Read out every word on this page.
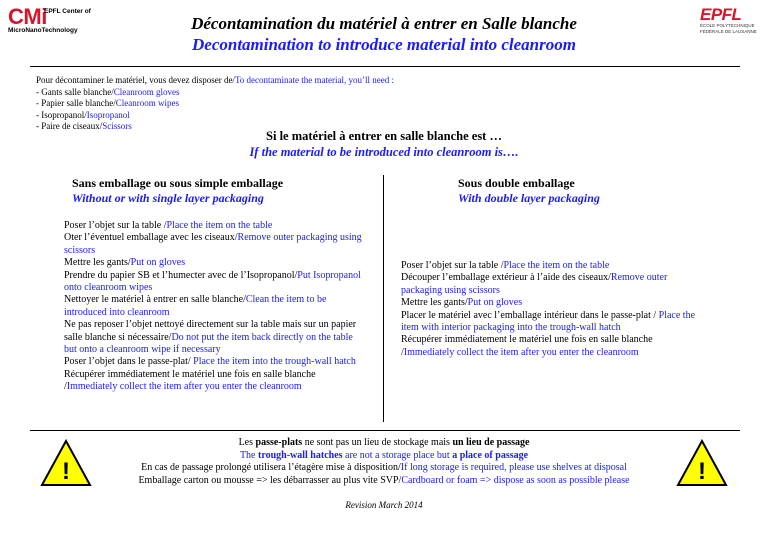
CMi
EPFL Center of
MicroNanoTechnology
EPFL
ÉCOLE POLYTECHNIQUE
FÉDÉRALE DE LAUSANNE
Décontamination du matériel à entrer en Salle blanche
Decontamination to introduce material into cleanroom
Pour décontaminer le matériel, vous devez disposer de/To decontaminate the material, you’ll need :
- Gants salle blanche/Cleanroom gloves
- Papier salle blanche/Cleanroom wipes
- Isopropanol/Isopropanol
- Paire de ciseaux/Scissors
Si le matériel à entrer en salle blanche est …
If the material to be introduced into cleanroom is….
Sans emballage ou sous simple emballage
Without or with single layer packaging
Sous double emballage
With double layer packaging
Poser l’objet sur la table /Place the item on the table
Oter l’éventuel emballage avec les ciseaux/Remove outer packaging using scissors
Mettre les gants/Put on gloves
Prendre du papier SB et l’humecter avec de l’Isopropanol/Put Isopropanol onto cleanroom wipes
Nettoyer le matériel à entrer en salle blanche/Clean the item to be introduced into cleanroom
Ne pas reposer l’objet nettoyé directement sur la table mais sur un papier salle blanche si nécessaire/Do not put the item back directly on the table but onto a cleanroom wipe if necessary
Poser l’objet dans le passe-plat/ Place the item into the trough-wall hatch
Récupérer immédiatement le matériel une fois en salle blanche /Immediately collect the item after you enter the cleanroom
Poser l’objet sur la table /Place the item on the table
Découper l’emballage extérieur à l’aide des ciseaux/Remove outer packaging using scissors
Mettre les gants/Put on gloves
Placer le matériel avec l’emballage intérieur dans le passe-plat / Place the item with interior packaging into the trough-wall hatch
Récupérer immédiatement le matériel une fois en salle blanche /Immediately collect the item after you enter the cleanroom
!	!
Les passe-plats ne sont pas un lieu de stockage mais un lieu de passage
The trough-wall hatches are not a storage place but a place of passage
En cas de passage prolongé utilisera l’étagère mise à disposition/If long storage is required, please use shelves at disposal
Emballage carton ou mousse => les débarrasser au plus vite SVP/Cardboard or foam => dispose as soon as possible please
Revision March 2014
